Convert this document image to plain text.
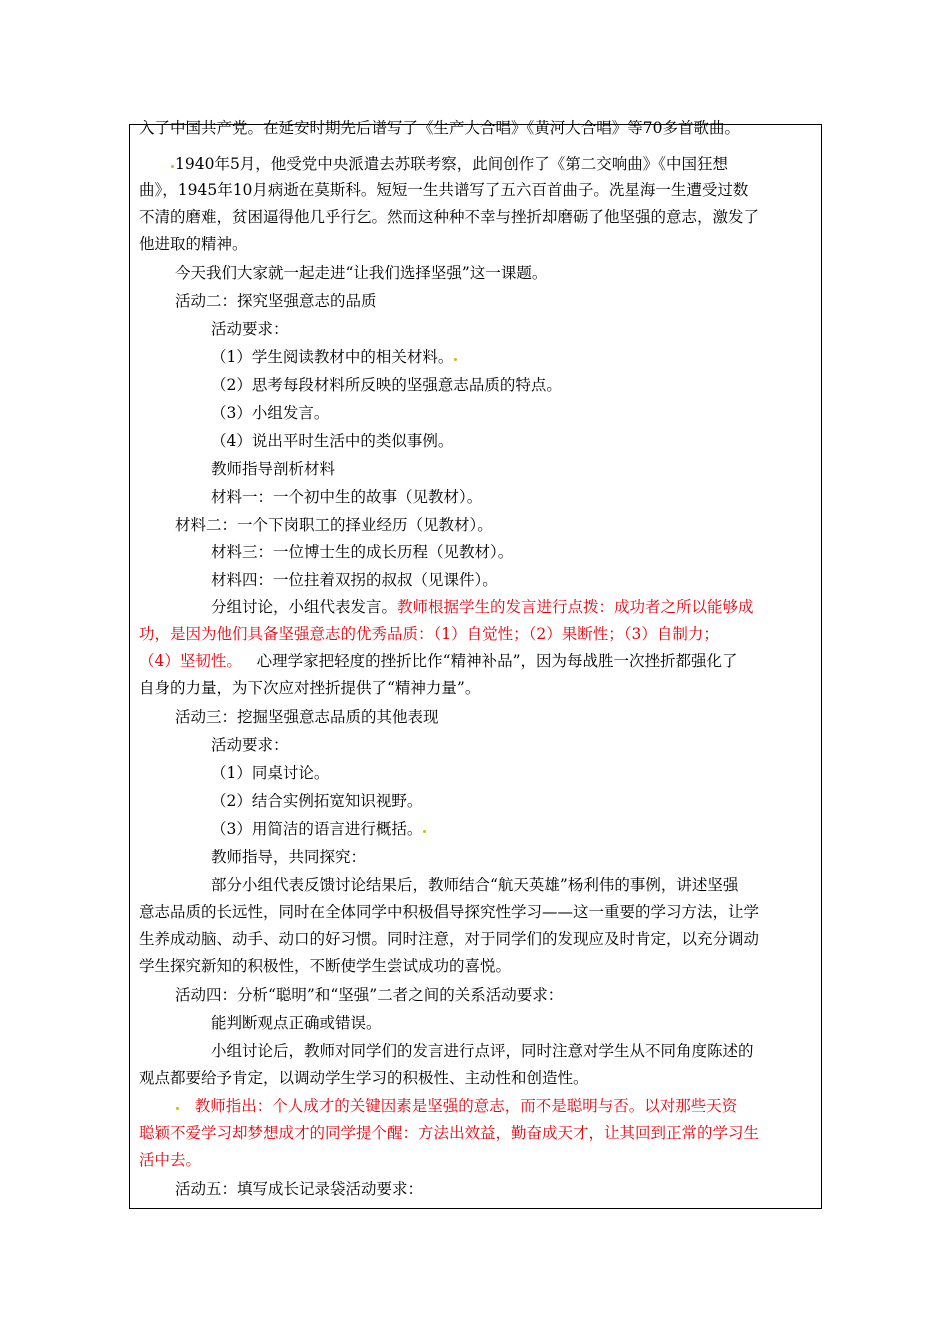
入了中国共产党。在延安时期先后谱写了《生产大合唱》《黄河大合唱》等70多首歌曲。
1940年5月，他受党中央派遣去苏联考察，此间创作了《第二交响曲》《中国狂想
曲》，1945年10月病逝在莫斯科。短短一生共谱写了五六百首曲子。冼星海一生遭受过数
不清的磨难，贫困逼得他几乎行乞。然而这种种不幸与挫折却磨砺了他坚强的意志，激发了
他进取的精神。
今天我们大家就一起走进“让我们选择坚强”这一课题。
活动二：探究坚强意志的品质
活动要求：
（1）学生阅读教材中的相关材料。
（2）思考每段材料所反映的坚强意志品质的特点。
（3）小组发言。
（4）说出平时生活中的类似事例。
教师指导剖析材料
材料一：一个初中生的故事（见教材）。
材料二：一个下岗职工的择业经历（见教材）。
材料三：一位博士生的成长历程（见教材）。
材料四：一位拄着双拐的叔叔（见课件）。
分组讨论，小组代表发言。教师根据学生的发言进行点拨：成功者之所以能够成
功，是因为他们具备坚强意志的优秀品质：（1）自觉性；（2）果断性；（3）自制力；
（4）坚韧性。   心理学家把轻度的挫折比作“精神补品”，因为每战胜一次挫折都强化了
自身的力量，为下次应对挫折提供了“精神力量”。
活动三：挖掘坚强意志品质的其他表现
活动要求：
（1）同桌讨论。
（2）结合实例拓宽知识视野。
（3）用简洁的语言进行概括。
教师指导，共同探究：
部分小组代表反馈讨论结果后，教师结合“航天英雄”杨利伟的事例，讲述坚强
意志品质的长远性，同时在全体同学中积极倡导探究性学习——这一重要的学习方法，让学
生养成动脑、动手、动口的好习惯。同时注意，对于同学们的发现应及时肯定，以充分调动
学生探究新知的积极性，不断使学生尝试成功的喜悦。
活动四：分析“聪明”和“坚强”二者之间的关系活动要求：
能判断观点正确或错误。
小组讨论后，教师对同学们的发言进行点评，同时注意对学生从不同角度陈述的
观点都要给予肯定，以调动学生学习的积极性、主动性和创造性。
教师指出：个人成才的关键因素是坚强的意志，而不是聪明与否。以对那些天资
聪颖不爱学习却梦想成才的同学提个醒：方法出效益，勤奋成天才，让其回到正常的学习生
活中去。
活动五：填写成长记录袋活动要求：
